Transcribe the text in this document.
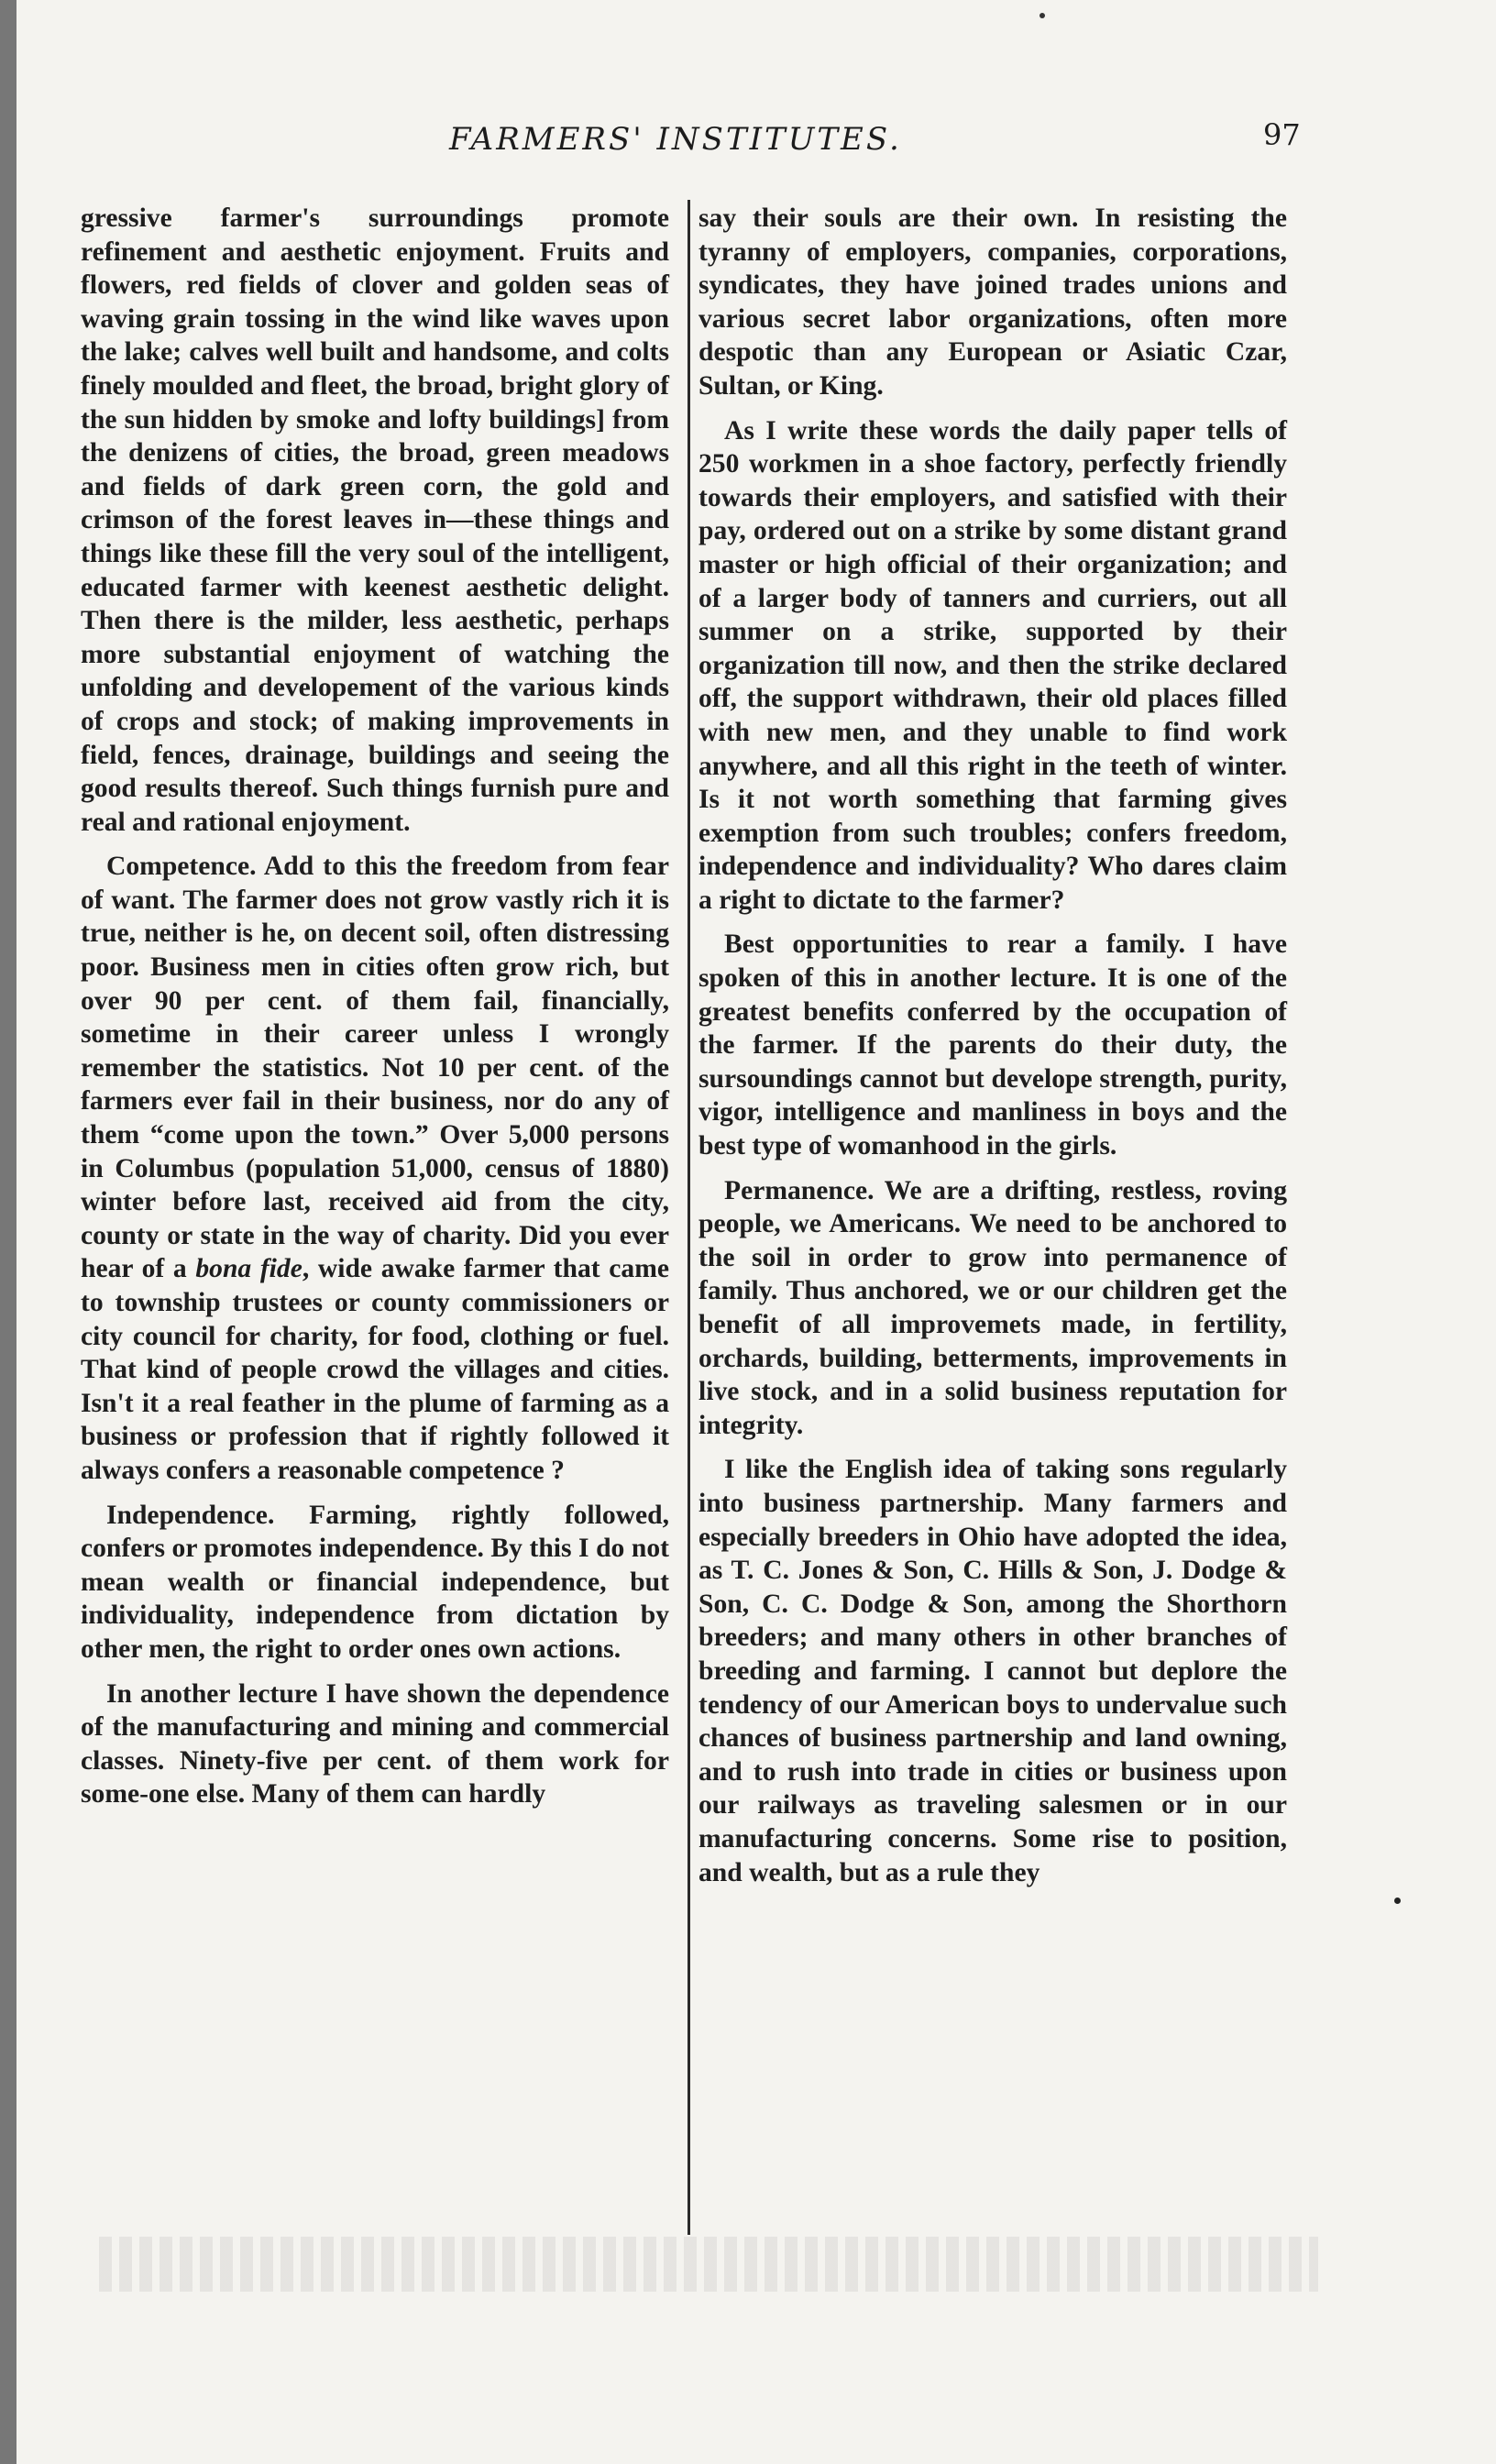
FARMERS' INSTITUTES.	97

gressive farmer's surroundings promote refinement and aesthetic enjoyment. Fruits and flowers, red fields of clover and golden seas of waving grain tossing in the wind like waves upon the lake; calves well built and handsome, and colts finely moulded and fleet, the broad, bright glory of the sun hidden by smoke and lofty buildings] from the denizens of cities, the broad, green meadows and fields of dark green corn, the gold and crimson of the forest leaves in—these things and things like these fill the very soul of the intelligent, educated farmer with keenest aesthetic delight. Then there is the milder, less aesthetic, perhaps more substantial enjoyment of watching the unfolding and developement of the various kinds of crops and stock; of making improvements in field, fences, drainage, buildings and seeing the good results thereof. Such things furnish pure and real and rational enjoyment.

Competence. Add to this the freedom from fear of want. The farmer does not grow vastly rich it is true, neither is he, on decent soil, often distressing poor. Business men in cities often grow rich, but over 90 per cent. of them fail, financially, sometime in their career unless I wrongly remember the statistics. Not 10 per cent. of the farmers ever fail in their business, nor do any of them “come upon the town.” Over 5,000 persons in Columbus (population 51,000, census of 1880) winter before last, received aid from the city, county or state in the way of charity. Did you ever hear of a bona fide, wide awake farmer that came to township trustees or county commissioners or city council for charity, for food, clothing or fuel. That kind of people crowd the villages and cities. Isn't it a real feather in the plume of farming as a business or profession that if rightly followed it always confers a reasonable competence ?

Independence. Farming, rightly followed, confers or promotes independence. By this I do not mean wealth or financial independence, but individuality, independence from dictation by other men, the right to order ones own actions.

In another lecture I have shown the dependence of the manufacturing and mining and commercial classes. Ninety-five per cent. of them work for some-one else. Many of them can hardly

say their souls are their own. In resisting the tyranny of employers, companies, corporations, syndicates, they have joined trades unions and various secret labor organizations, often more despotic than any European or Asiatic Czar, Sultan, or King.

As I write these words the daily paper tells of 250 workmen in a shoe factory, perfectly friendly towards their employers, and satisfied with their pay, ordered out on a strike by some distant grand master or high official of their organization; and of a larger body of tanners and curriers, out all summer on a strike, supported by their organization till now, and then the strike declared off, the support withdrawn, their old places filled with new men, and they unable to find work anywhere, and all this right in the teeth of winter. Is it not worth something that farming gives exemption from such troubles; confers freedom, independence and individuality? Who dares claim a right to dictate to the farmer?

Best opportunities to rear a family. I have spoken of this in another lecture. It is one of the greatest benefits conferred by the occupation of the farmer. If the parents do their duty, the sursoundings cannot but develope strength, purity, vigor, intelligence and manliness in boys and the best type of womanhood in the girls.

Permanence. We are a drifting, restless, roving people, we Americans. We need to be anchored to the soil in order to grow into permanence of family. Thus anchored, we or our children get the benefit of all improvemets made, in fertility, orchards, building, betterments, improvements in live stock, and in a solid business reputation for integrity.

I like the English idea of taking sons regularly into business partnership. Many farmers and especially breeders in Ohio have adopted the idea, as T. C. Jones & Son, C. Hills & Son, J. Dodge & Son, C. C. Dodge & Son, among the Shorthorn breeders; and many others in other branches of breeding and farming. I cannot but deplore the tendency of our American boys to undervalue such chances of business partnership and land owning, and to rush into trade in cities or business upon our railways as traveling salesmen or in our manufacturing concerns. Some rise to position, and wealth, but as a rule they
